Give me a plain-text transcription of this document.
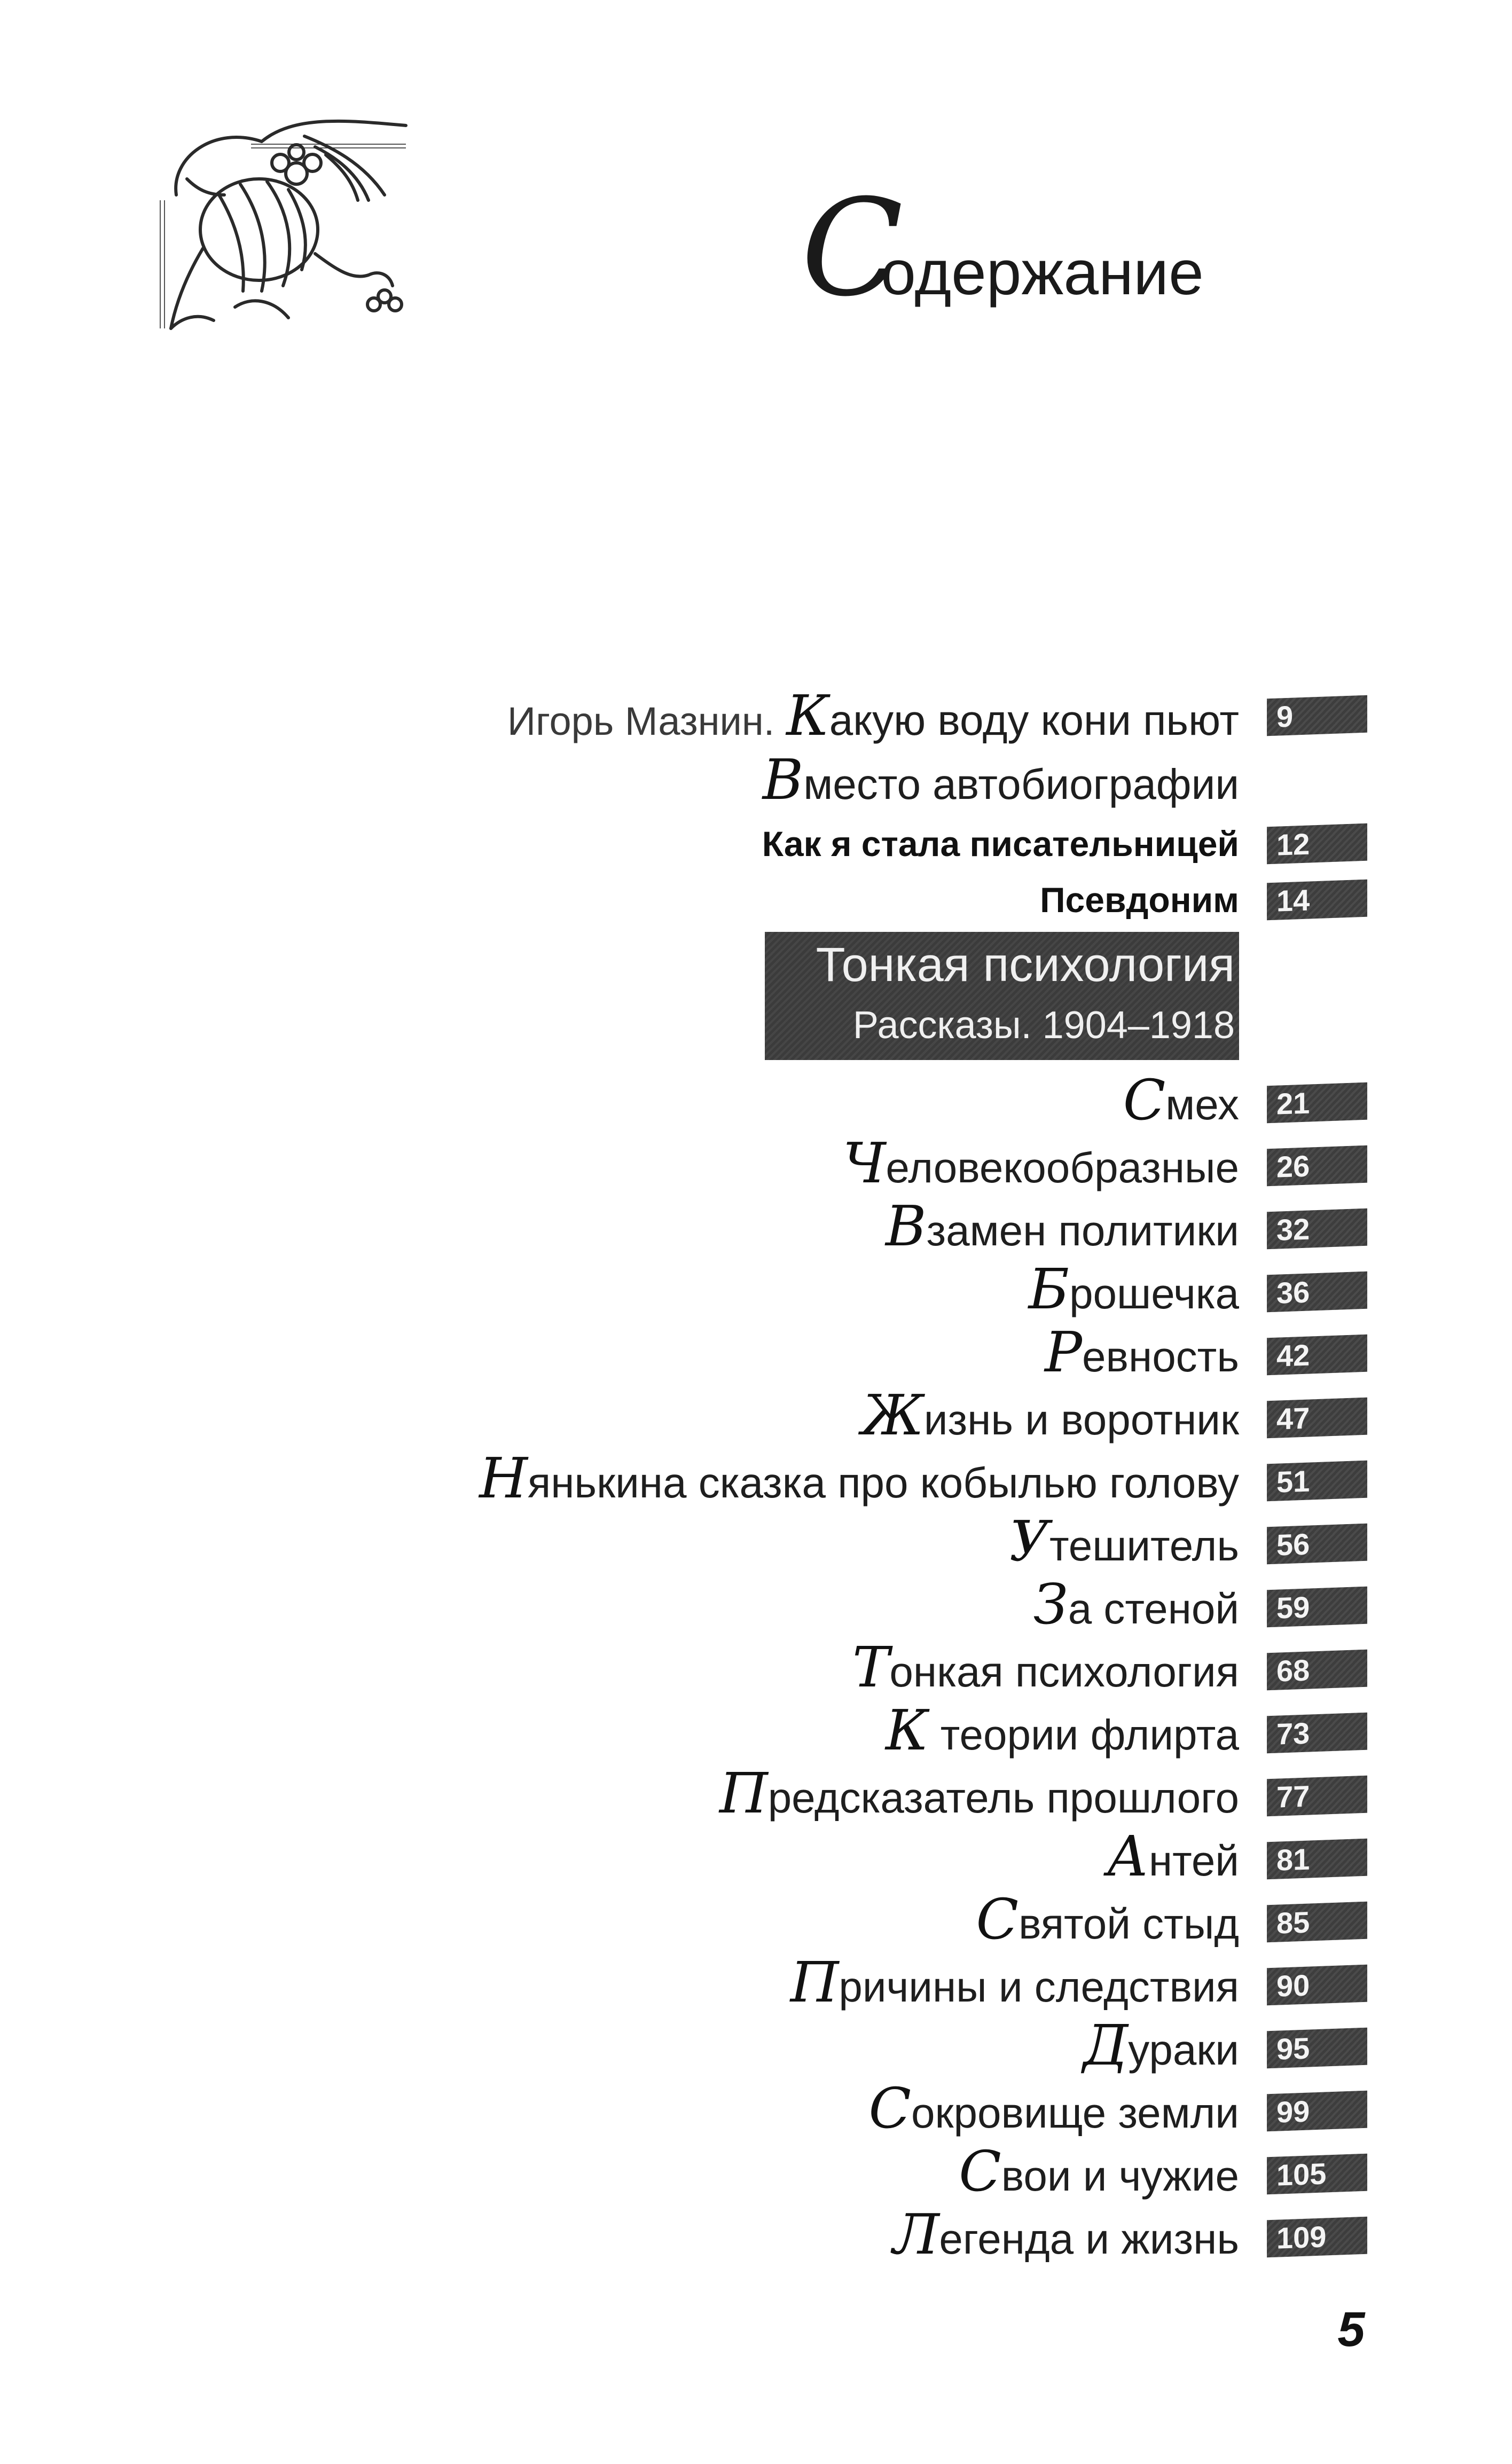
Содержание
Игорь Мазнин. Какую воду кони пьют	9
Вместо автобиографии
Как я стала писательницей	12
Псевдоним	14
Тонкая психология
Рассказы. 1904–1918
Смех	21
Человекообразные	26
Взамен политики	32
Брошечка	36
Ревность	42
Жизнь и воротник	47
Нянькина сказка про кобылью голову	51
Утешитель	56
За стеной	59
Тонкая психология	68
К теории флирта	73
Предсказатель прошлого	77
Антей	81
Святой стыд	85
Причины и следствия	90
Дураки	95
Сокровище земли	99
Свои и чужие	105
Легенда и жизнь	109
5
